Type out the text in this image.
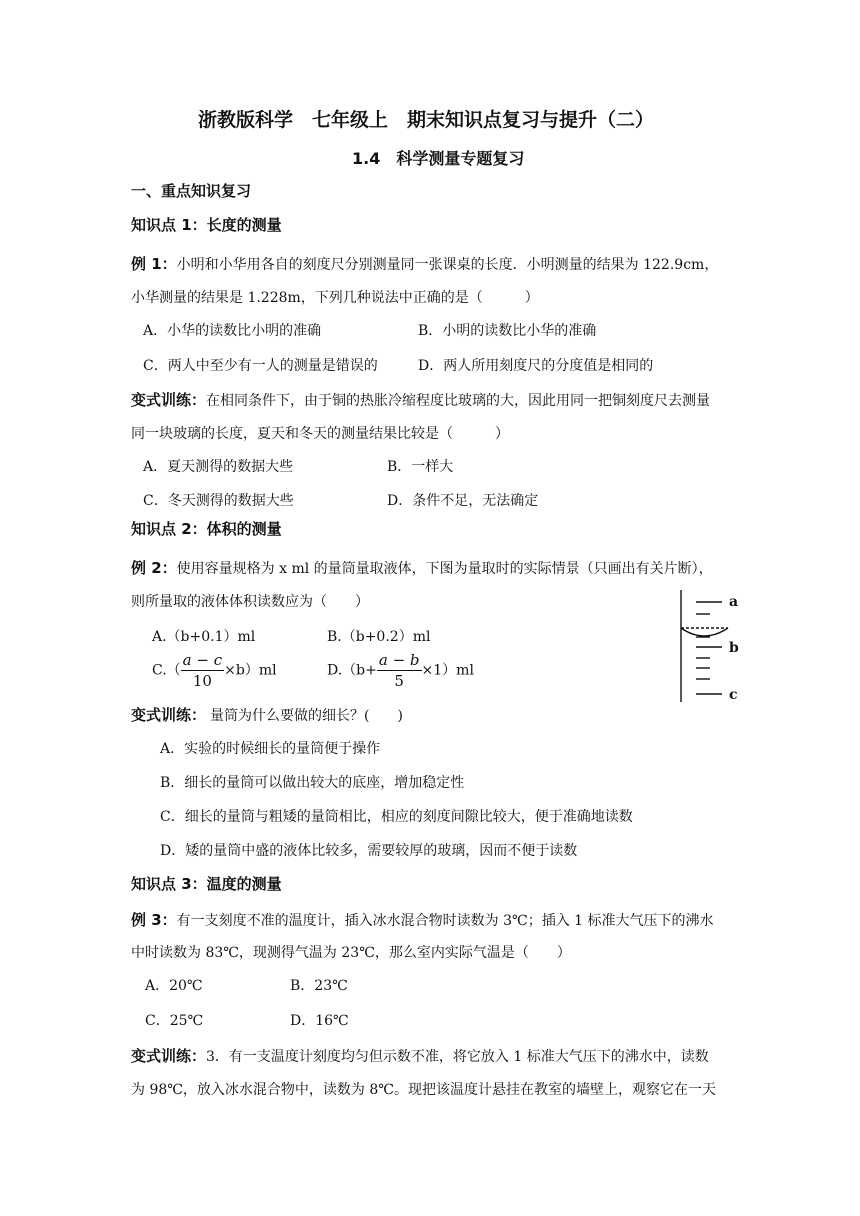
浙教版科学　七年级上　期末知识点复习与提升（二）
1.4　科学测量专题复习
一、重点知识复习
知识点 1：长度的测量
例 1：小明和小华用各自的刻度尺分别测量同一张课桌的长度．小明测量的结果为 122.9cm，
小华测量的结果是 1.228m，下列几种说法中正确的是（　　　）
A．小华的读数比小明的准确	B．小明的读数比小华的准确
C．两人中至少有一人的测量是错误的	D．两人所用刻度尺的分度值是相同的
变式训练：在相同条件下，由于铜的热胀冷缩程度比玻璃的大，因此用同一把铜刻度尺去测量
同一块玻璃的长度，夏天和冬天的测量结果比较是（　　　）
A．夏天测得的数据大些	B．一样大
C．冬天测得的数据大些	D．条件不足，无法确定
知识点 2：体积的测量
例 2：使用容量规格为 x ml 的量筒量取液体，下图为量取时的实际情景（只画出有关片断），
则所量取的液体体积读数应为（　　）
A.（b+0.1）ml	B.（b+0.2）ml
$C.( \frac{a - c}{10} \times b)ml$	$D.(b+ \frac{a - b}{5} \times 1)ml$
a
b
c
变式训练： 量筒为什么要做的细长？(　　)
A．实验的时候细长的量筒便于操作
B．细长的量筒可以做出较大的底座，增加稳定性
C．细长的量筒与粗矮的量筒相比，相应的刻度间隙比较大，便于准确地读数
D．矮的量筒中盛的液体比较多，需要较厚的玻璃，因而不便于读数
知识点 3：温度的测量
例 3：有一支刻度不准的温度计，插入冰水混合物时读数为 3℃；插入 1 标准大气压下的沸水
中时读数为 83℃，现测得气温为 23℃，那么室内实际气温是（　　）
A．20℃	B．23℃
C．25℃	D．16℃
变式训练：3．有一支温度计刻度均匀但示数不准，将它放入 1 标准大气压下的沸水中，读数
为 98℃，放入冰水混合物中，读数为 8℃。现把该温度计悬挂在教室的墙壁上，观察它在一天
